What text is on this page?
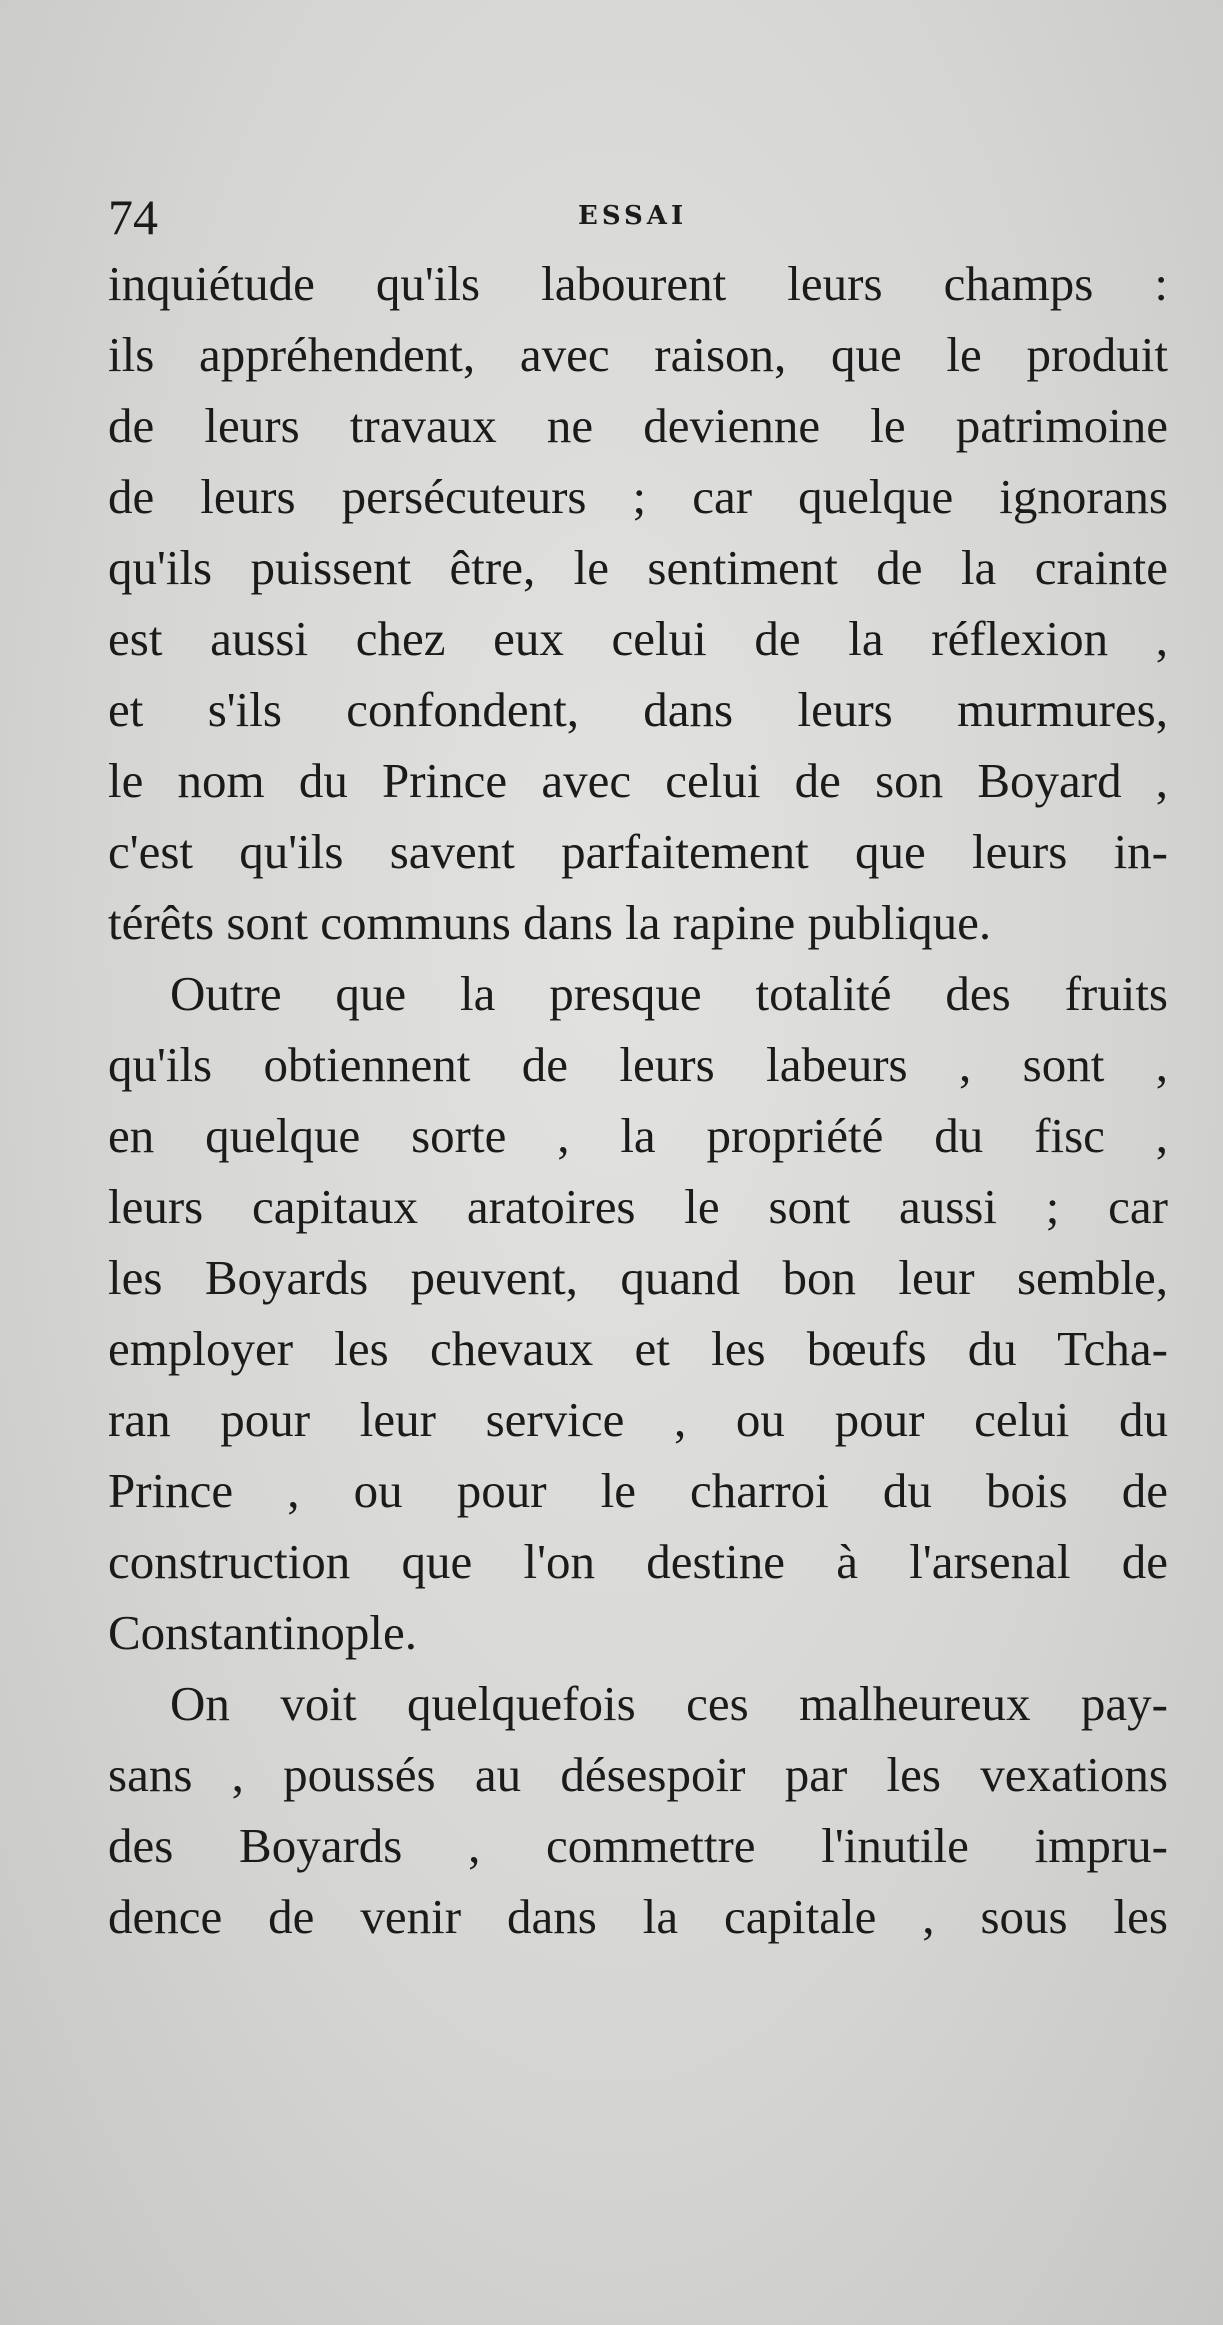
74	ESSAI
inquiétude qu'ils labourent leurs champs :
ils appréhendent, avec raison, que le produit
de leurs travaux ne devienne le patrimoine
de leurs persécuteurs ; car quelque ignorans
qu'ils puissent être, le sentiment de la crainte
est aussi chez eux celui de la réflexion ,
et s'ils confondent, dans leurs murmures,
le nom du Prince avec celui de son Boyard ,
c'est qu'ils savent parfaitement que leurs in-
térêts sont communs dans la rapine publique.
Outre que la presque totalité des fruits
qu'ils obtiennent de leurs labeurs , sont ,
en quelque sorte , la propriété du fisc ,
leurs capitaux aratoires le sont aussi ; car
les Boyards peuvent, quand bon leur semble,
employer les chevaux et les bœufs du Tcha-
ran pour leur service , ou pour celui du
Prince , ou pour le charroi du bois de
construction que l'on destine à l'arsenal de
Constantinople.
On voit quelquefois ces malheureux pay-
sans , poussés au désespoir par les vexations
des Boyards , commettre l'inutile impru-
dence de venir dans la capitale , sous les
